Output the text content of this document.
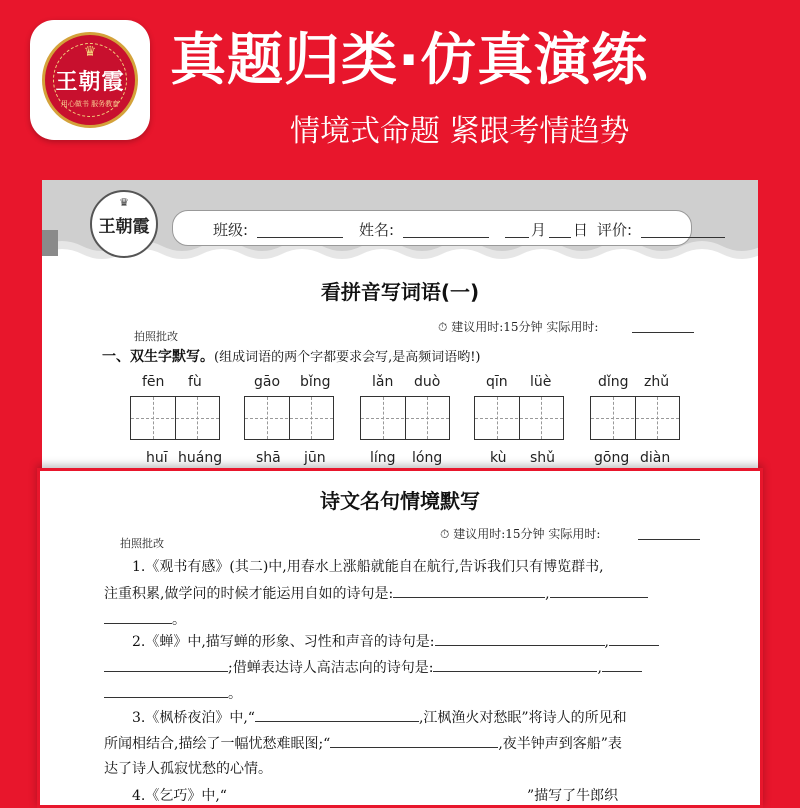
♛
王朝霞
用心做书 服务教育
真题归类·仿真演练
情境式命题 紧跟考情趋势
♛
王朝霞	班级:	姓名:	月 日 评价:
看拼音写词语(一)
拍照批改
⏱ 建议用时:15分钟 实际用时:
一、双生字默写。(组成词语的两个字都要求会写,是高频词语哟!)
fēn fù	gāo bǐng	lǎn duò	qīn lüè	dǐng zhǔ
huī huáng shā jūn	líng lóng	kù shǔ	gōng diàn
诗文名句情境默写
拍照批改
⏱ 建议用时:15分钟 实际用时:
1.《观书有感》(其二)中,用春水上涨船就能自在航行,告诉我们只有博览群书,
注重积累,做学问的时候才能运用自如的诗句是:	,
。
2.《蝉》中,描写蝉的形象、习性和声音的诗句是:	,
;借蝉表达诗人高洁志向的诗句是:	,
。
3.《枫桥夜泊》中,“	,江枫渔火对愁眠”将诗人的所见和
所闻相结合,描绘了一幅忧愁难眠图;“	,夜半钟声到客船”表
达了诗人孤寂忧愁的心情。
4.《乞巧》中,“	”描写了牛郎织
